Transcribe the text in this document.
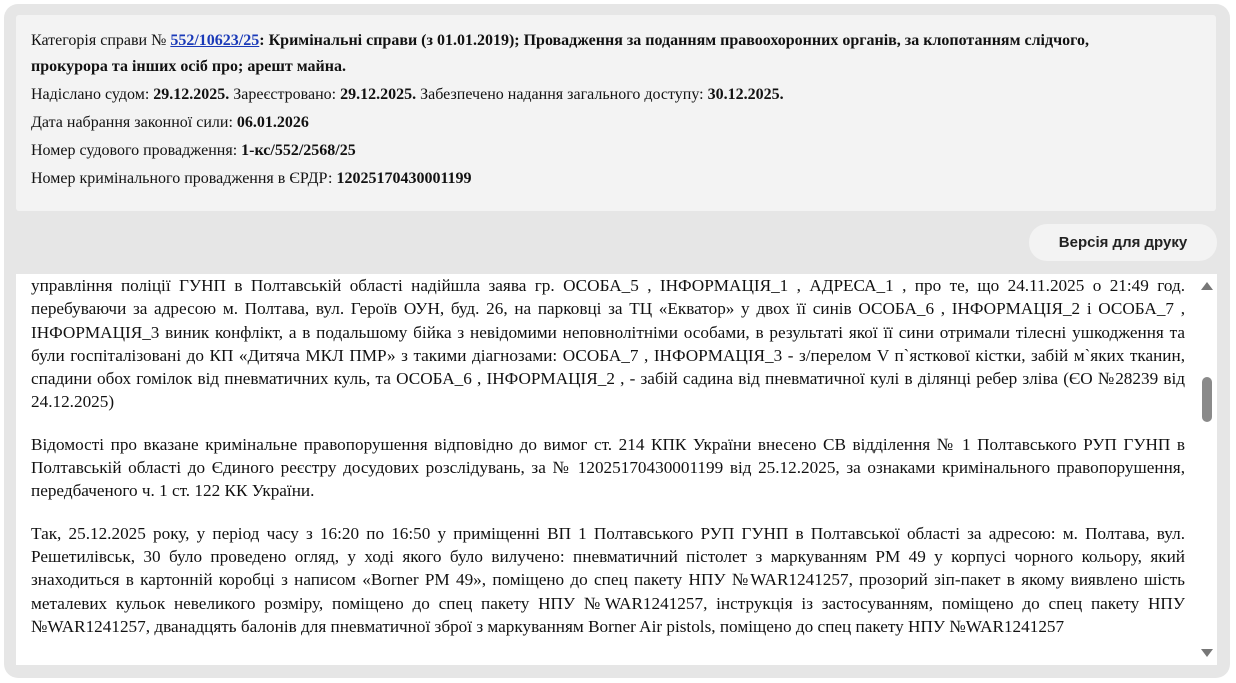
Категорія справи № 552/10623/25: Кримінальні справи (з 01.01.2019); Провадження за поданням правоохоронних органів, за клопотанням слідчого,
прокурора та інших осіб про; арешт майна.
Надіслано судом: 29.12.2025. Зареєстровано: 29.12.2025. Забезпечено надання загального доступу: 30.12.2025.
Дата набрання законної сили: 06.01.2026
Номер судового провадження: 1-кс/552/2568/25
Номер кримінального провадження в ЄРДР: 12025170430001199
Версія для друку

управління поліції ГУНП в Полтавській області надійшла заява гр. ОСОБА_5 , ІНФОРМАЦІЯ_1 , АДРЕСА_1 , про те, що 24.11.2025 о 21:49 год. перебуваючи за адресою м. Полтава, вул. Героїв ОУН, буд. 26, на парковці за ТЦ «Екватор» у двох її синів ОСОБА_6 , ІНФОРМАЦІЯ_2 і ОСОБА_7 , ІНФОРМАЦІЯ_3 виник конфлікт, а в подальшому бійка з невідомими неповнолітніми особами, в результаті якої її сини отримали тілесні ушкодження та були госпіталізовані до КП «Дитяча МКЛ ПМР» з такими діагнозами: ОСОБА_7 , ІНФОРМАЦІЯ_3 - з/перелом V п`ясткової кістки, забій м`яких тканин, спадини обох гомілок від пневматичних куль, та ОСОБА_6 , ІНФОРМАЦІЯ_2 , - забій садина від пневматичної кулі в ділянці ребер зліва (ЄО №28239 від 24.12.2025)

Відомості про вказане кримінальне правопорушення відповідно до вимог ст. 214 КПК України внесено СВ відділення № 1 Полтавського РУП ГУНП в Полтавській області до Єдиного реєстру досудових розслідувань, за № 12025170430001199 від 25.12.2025, за ознаками кримінального правопорушення, передбаченого ч. 1 ст. 122 КК України.

Так, 25.12.2025 року, у період часу з 16:20 по 16:50 у приміщенні ВП 1 Полтавського РУП ГУНП в Полтавської області за адресою: м. Полтава, вул. Решетилівськ, 30 було проведено огляд, у ході якого було вилучено: пневматичний пістолет з маркуванням PM 49 у корпусі чорного кольору, який знаходиться в картонній коробці з написом «Borner PM 49», поміщено до спец пакету НПУ №WAR1241257, прозорий зіп-пакет в якому виявлено шість металевих кульок невеликого розміру, поміщено до спец пакету НПУ №WAR1241257, інструкція із застосуванням, поміщено до спец пакету НПУ №WAR1241257, дванадцять балонів для пневматичної зброї з маркуванням Borner Air pistols, поміщено до спец пакету НПУ №WAR1241257
